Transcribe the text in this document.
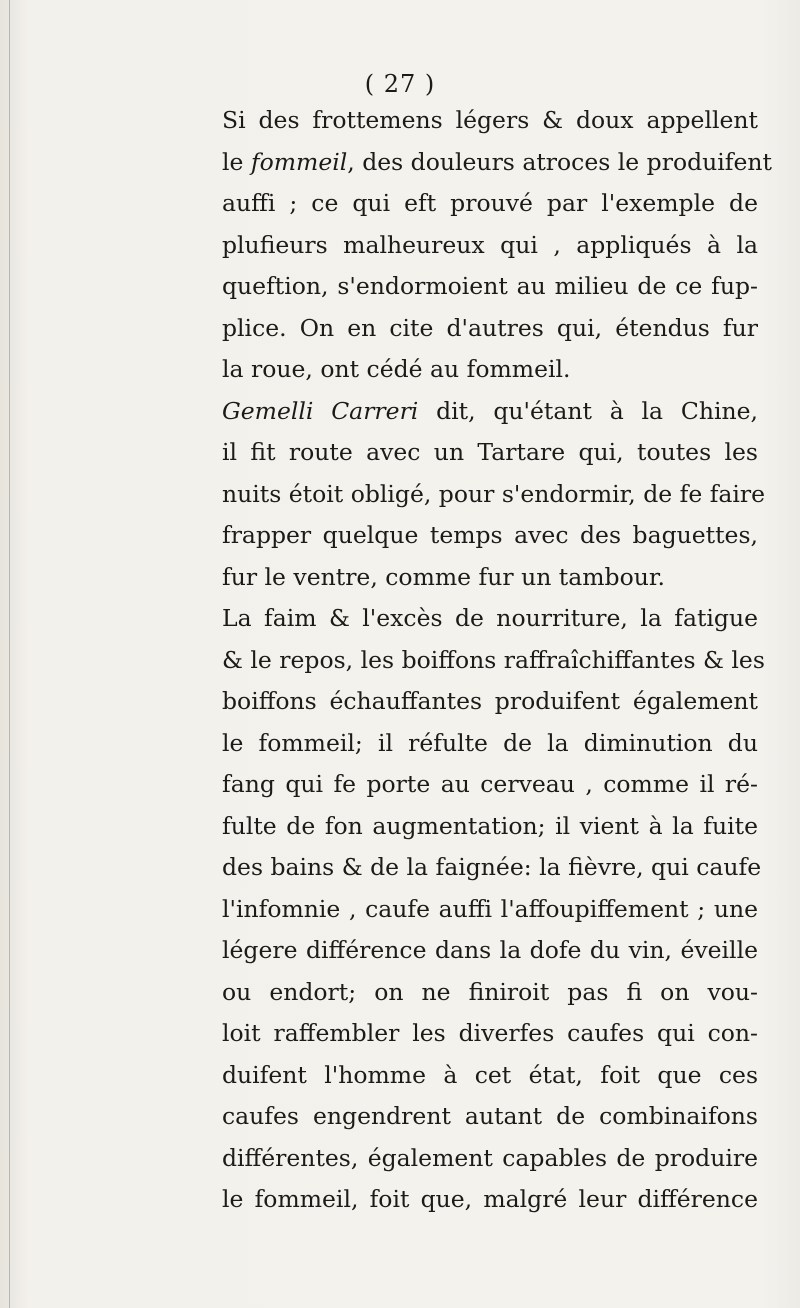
( 27 )
Si des frottemens légers & doux appellent
le fommeil, des douleurs atroces le produifent
auffi ; ce qui eft prouvé par l'exemple de
plufieurs malheureux qui , appliqués à la
queftion, s'endormoient au milieu de ce fup-
plice. On en cite d'autres qui, étendus fur
la roue, ont cédé au fommeil.
Gemelli Carreri dit, qu'étant à la Chine,
il fit route avec un Tartare qui, toutes les
nuits étoit obligé, pour s'endormir, de fe faire
frapper quelque temps avec des baguettes,
fur le ventre, comme fur un tambour.
La faim & l'excès de nourriture, la fatigue
& le repos, les boiffons raffraîchiffantes & les
boiffons échauffantes produifent également
le fommeil; il réfulte de la diminution du
fang qui fe porte au cerveau , comme il ré-
fulte de fon augmentation; il vient à la fuite
des bains & de la faignée: la fièvre, qui caufe
l'infomnie , caufe auffi l'affoupiffement ; une
légere différence dans la dofe du vin, éveille
ou endort; on ne finiroit pas fi on vou-
loit raffembler les diverfes caufes qui con-
duifent l'homme à cet état, foit que ces
caufes engendrent autant de combinaifons
différentes, également capables de produire
le fommeil, foit que, malgré leur différence
